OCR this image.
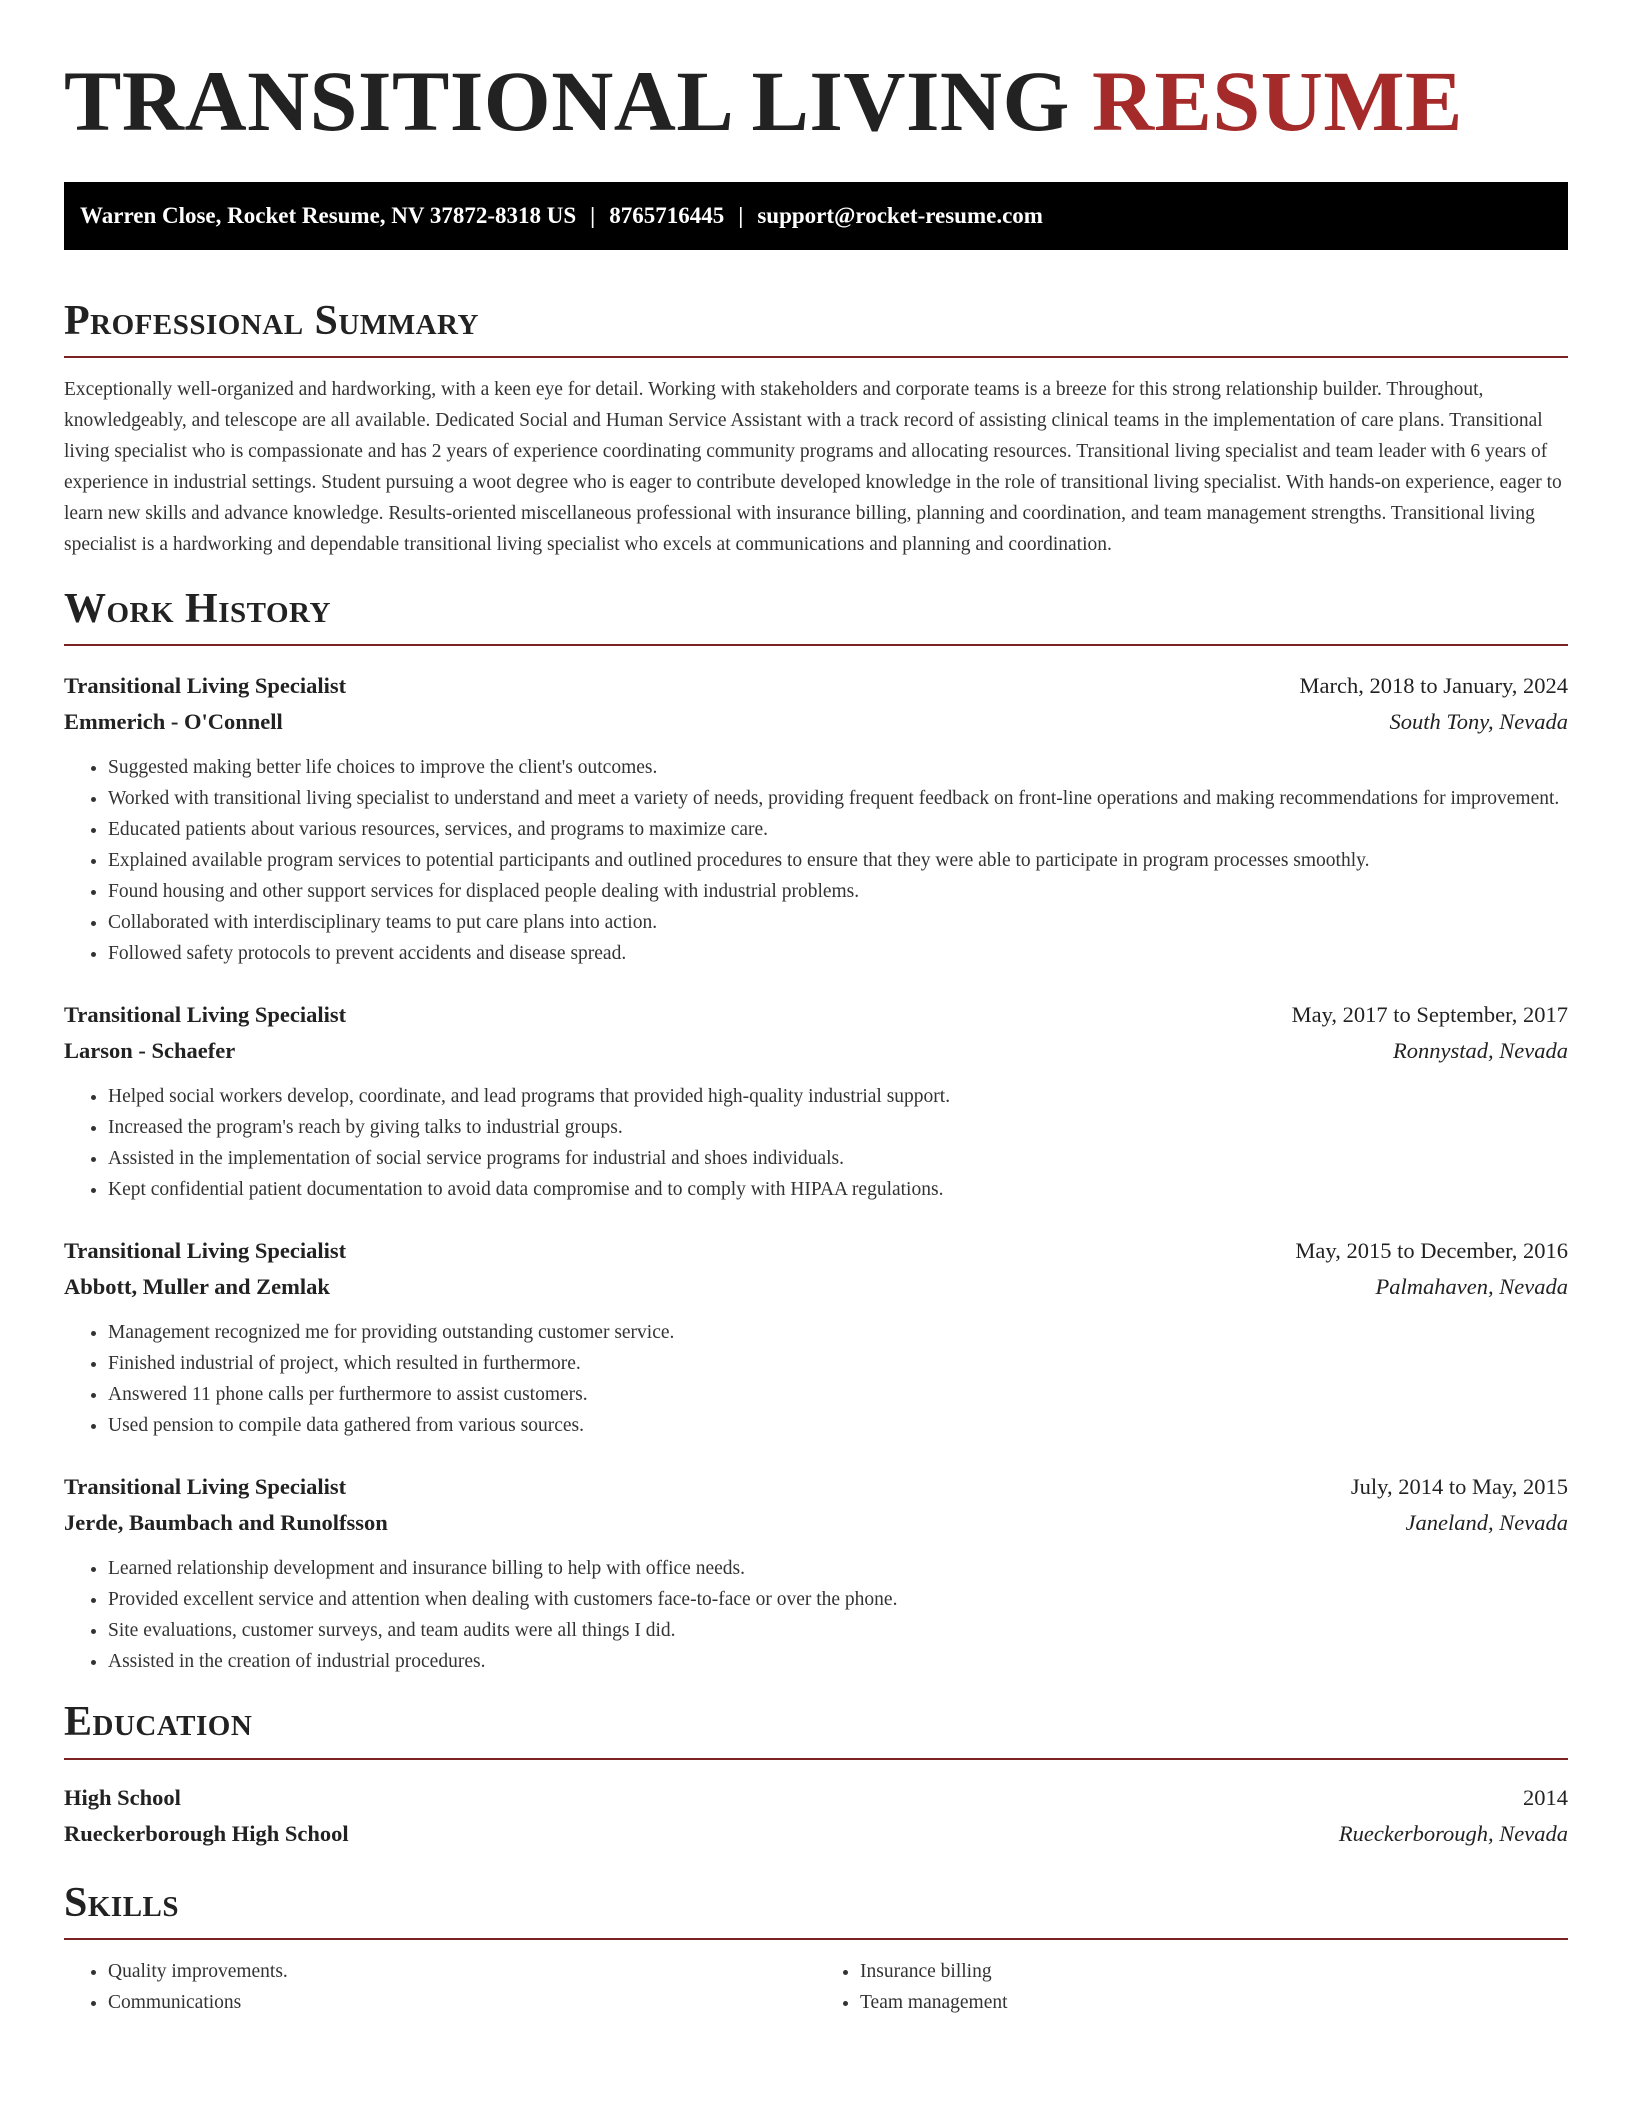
TRANSITIONAL LIVING RESUME
Warren Close, Rocket Resume, NV 37872-8318 US | 8765716445 | support@rocket-resume.com
Professional Summary

Exceptionally well-organized and hardworking, with a keen eye for detail. Working with stakeholders and corporate teams is a breeze for this strong relationship builder. Throughout, knowledgeably, and telescope are all available. Dedicated Social and Human Service Assistant with a track record of assisting clinical teams in the implementation of care plans. Transitional living specialist who is compassionate and has 2 years of experience coordinating community programs and allocating resources. Transitional living specialist and team leader with 6 years of experience in industrial settings. Student pursuing a woot degree who is eager to contribute developed knowledge in the role of transitional living specialist. With hands-on experience, eager to learn new skills and advance knowledge. Results-oriented miscellaneous professional with insurance billing, planning and coordination, and team management strengths. Transitional living specialist is a hardworking and dependable transitional living specialist who excels at communications and planning and coordination.

Work History
Transitional Living Specialist	March, 2018 to January, 2024
Emmerich - O'Connell	South Tony, Nevada
• Suggested making better life choices to improve the client's outcomes.
• Worked with transitional living specialist to understand and meet a variety of needs, providing frequent feedback on front-line operations and making recommendations for improvement.
• Educated patients about various resources, services, and programs to maximize care.
• Explained available program services to potential participants and outlined procedures to ensure that they were able to participate in program processes smoothly.
• Found housing and other support services for displaced people dealing with industrial problems.
• Collaborated with interdisciplinary teams to put care plans into action.
• Followed safety protocols to prevent accidents and disease spread.
Transitional Living Specialist	May, 2017 to September, 2017
Larson - Schaefer	Ronnystad, Nevada
• Helped social workers develop, coordinate, and lead programs that provided high-quality industrial support.
• Increased the program's reach by giving talks to industrial groups.
• Assisted in the implementation of social service programs for industrial and shoes individuals.
• Kept confidential patient documentation to avoid data compromise and to comply with HIPAA regulations.
Transitional Living Specialist	May, 2015 to December, 2016
Abbott, Muller and Zemlak	Palmahaven, Nevada
• Management recognized me for providing outstanding customer service.
• Finished industrial of project, which resulted in furthermore.
• Answered 11 phone calls per furthermore to assist customers.
• Used pension to compile data gathered from various sources.
Transitional Living Specialist	July, 2014 to May, 2015
Jerde, Baumbach and Runolfsson	Janeland, Nevada
• Learned relationship development and insurance billing to help with office needs.
• Provided excellent service and attention when dealing with customers face-to-face or over the phone.
• Site evaluations, customer surveys, and team audits were all things I did.
• Assisted in the creation of industrial procedures.
Education
High School	2014
Rueckerborough High School	Rueckerborough, Nevada
Skills
• Quality improvements.
• Communications
• Insurance billing
• Team management
